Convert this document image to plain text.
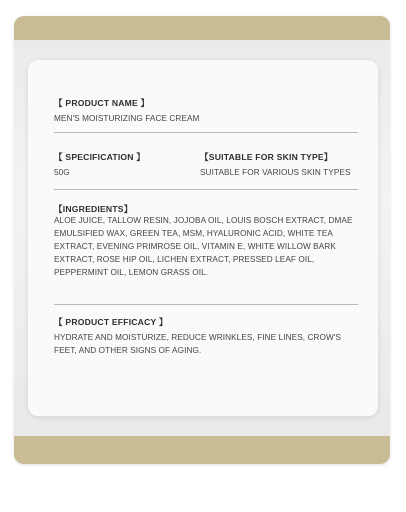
【 PRODUCT NAME 】
MEN'S MOISTURIZING FACE CREAM
【 SPECIFICATION 】
50G
【SUITABLE FOR SKIN TYPE】
SUITABLE FOR VARIOUS SKIN TYPES
【INGREDIENTS】
ALOE JUICE, TALLOW RESIN, JOJOBA OIL, LOUIS BOSCH EXTRACT, DMAE EMULSIFIED WAX, GREEN TEA, MSM, HYALURONIC ACID, WHITE TEA EXTRACT, EVENING PRIMROSE OIL, VITAMIN E, WHITE WILLOW BARK EXTRACT, ROSE HIP OIL, LICHEN EXTRACT, PRESSED LEAF OIL, PEPPERMINT OIL, LEMON GRASS OIL.
【 PRODUCT EFFICACY 】
HYDRATE AND MOISTURIZE, REDUCE WRINKLES, FINE LINES, CROW'S FEET, AND OTHER SIGNS OF AGING.
